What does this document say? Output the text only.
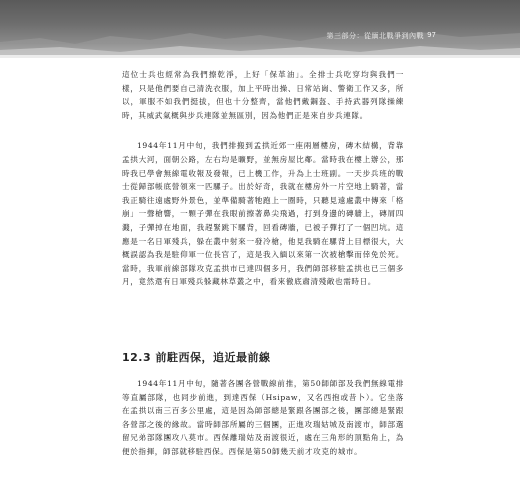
第三部分：從緬北戰爭到內戰 97

這位士兵也經常為我們擦乾淨，上好「保革油」。全排士兵吃穿均與我們一樣，只是他們要自己清洗衣服，加上平時出操、日常站崗、警衛工作又多，所以，軍服不如我們挺拔，但也十分整齊，當他們戴鋼盔、手持武器列隊操練時，其威武氣概與步兵連隊並無區別，因為他們正是來自步兵連隊。

1944年11月中旬，我們排搬到孟拱近郊一座兩層樓房，磚木結構，背靠孟拱大河，面朝公路，左右均是曠野，並無房屋比鄰。當時我在樓上辦公，那時我已學會無線電收報及發報，已上機工作，升為上士班副。一天步兵班的戰士從歸部帳底營領來一匹騾子。出於好奇，我就在樓房外一片空地上騎著，當我正騎往遠處野外景色，並準備騎著牠跑上一圈時，只聽見遠處叢中傳來「格崩」一聲槍響，一顆子彈在我眼前擦著鼻尖飛過，打到身邊的磚牆上，磚屑四濺，子彈掉在地面，我趕緊跳下騾背，回看磚牆，已被子彈打了一個凹坑。這應是一名日軍殘兵，躲在叢中射來一發冷槍，他見我騎在騾背上目標很大，大概誤認為我是駐仰軍一位長官了，這是我入緬以來第一次被槍擊而倖免於死。當時，我軍前線部隊攻克孟拱市已達四個多月，我們師部移駐孟拱也已三個多月，竟然還有日軍殘兵躲藏林草叢之中，看來徹底肅清殘敵也需時日。

12.3 前駐西保，追近最前線

1944年11月中旬，隨著各團各營戰線前推，第50師師部及我們無線電排等直屬部隊，也同步前進，到達西保（Hsipaw，又名西抱或昔卜）。它坐落在孟拱以南三百多公里處，這是因為師部總是緊跟各團部之後，團部總是緊跟各營部之後的緣故。當時師部所屬的三個團，正進攻瑞姑城及南渡市，師部選留兄弟部隊團攻八莫市。西保離瑞姑及南渡很近，處在三角形的頂點角上，為便於指揮，師部就移駐西保。西保是第50師幾天前才攻克的城市。
